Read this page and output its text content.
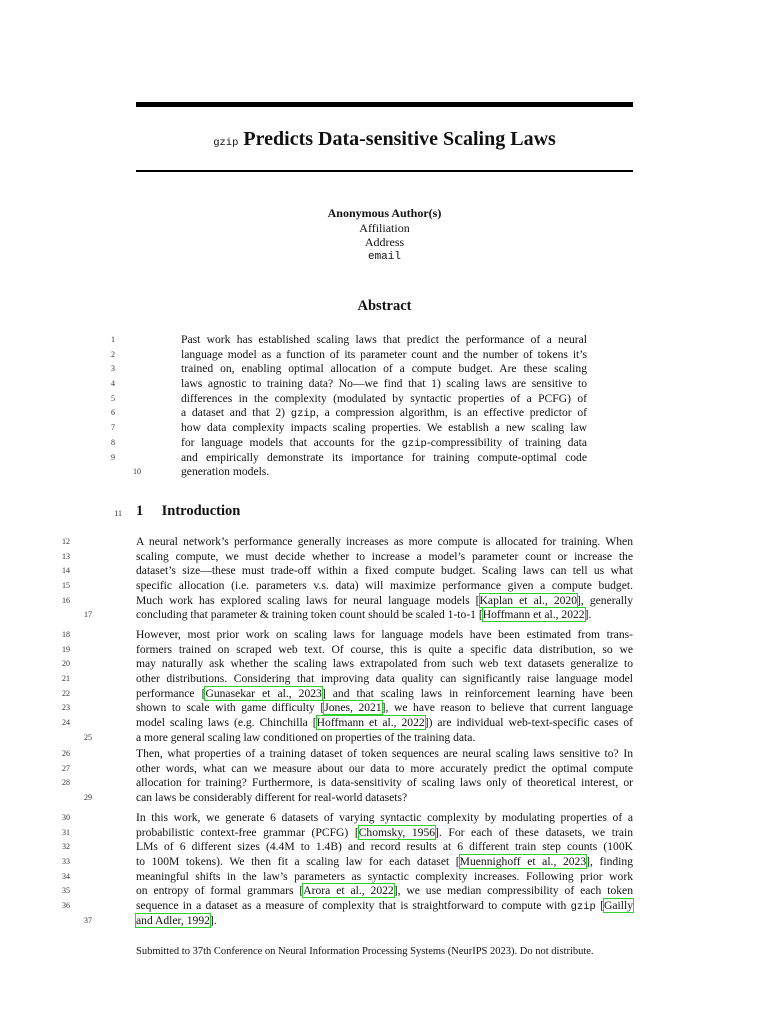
gzip Predicts Data-sensitive Scaling Laws
Anonymous Author(s)
Affiliation
Address
email
Abstract
1	Past work has established scaling laws that predict the performance of a neural
2	language model as a function of its parameter count and the number of tokens it’s
3	trained on, enabling optimal allocation of a compute budget. Are these scaling
4	laws agnostic to training data? No—we find that 1) scaling laws are sensitive to
5	differences in the complexity (modulated by syntactic properties of a PCFG) of
6	a dataset and that 2) gzip, a compression algorithm, is an effective predictor of
7	how data complexity impacts scaling properties. We establish a new scaling law
8	for language models that accounts for the gzip-compressibility of training data
9	and empirically demonstrate its importance for training compute-optimal code
10	generation models.
11 1 Introduction
12	A neural network’s performance generally increases as more compute is allocated for training. When
13	scaling compute, we must decide whether to increase a model’s parameter count or increase the
14	dataset’s size—these must trade-off within a fixed compute budget. Scaling laws can tell us what
15	specific allocation (i.e. parameters v.s. data) will maximize performance given a compute budget.
16	Much work has explored scaling laws for neural language models [Kaplan et al., 2020], generally
17	concluding that parameter & training token count should be scaled 1-to-1 [Hoffmann et al., 2022].
18	However, most prior work on scaling laws for language models have been estimated from trans-
19	formers trained on scraped web text. Of course, this is quite a specific data distribution, so we
20	may naturally ask whether the scaling laws extrapolated from such web text datasets generalize to
21	other distributions. Considering that improving data quality can significantly raise language model
22	performance [Gunasekar et al., 2023] and that scaling laws in reinforcement learning have been
23	shown to scale with game difficulty [Jones, 2021], we have reason to believe that current language
24	model scaling laws (e.g. Chinchilla [Hoffmann et al., 2022]) are individual web-text-specific cases of
25	a more general scaling law conditioned on properties of the training data.
26	Then, what properties of a training dataset of token sequences are neural scaling laws sensitive to? In
27	other words, what can we measure about our data to more accurately predict the optimal compute
28	allocation for training? Furthermore, is data-sensitivity of scaling laws only of theoretical interest, or
29	can laws be considerably different for real-world datasets?
30	In this work, we generate 6 datasets of varying syntactic complexity by modulating properties of a
31	probabilistic context-free grammar (PCFG) [Chomsky, 1956]. For each of these datasets, we train
32	LMs of 6 different sizes (4.4M to 1.4B) and record results at 6 different train step counts (100K
33	to 100M tokens). We then fit a scaling law for each dataset [Muennighoff et al., 2023], finding
34	meaningful shifts in the law’s parameters as syntactic complexity increases. Following prior work
35	on entropy of formal grammars [Arora et al., 2022], we use median compressibility of each token
36	sequence in a dataset as a measure of complexity that is straightforward to compute with gzip [Gailly
37	and Adler, 1992].
Submitted to 37th Conference on Neural Information Processing Systems (NeurIPS 2023). Do not distribute.
